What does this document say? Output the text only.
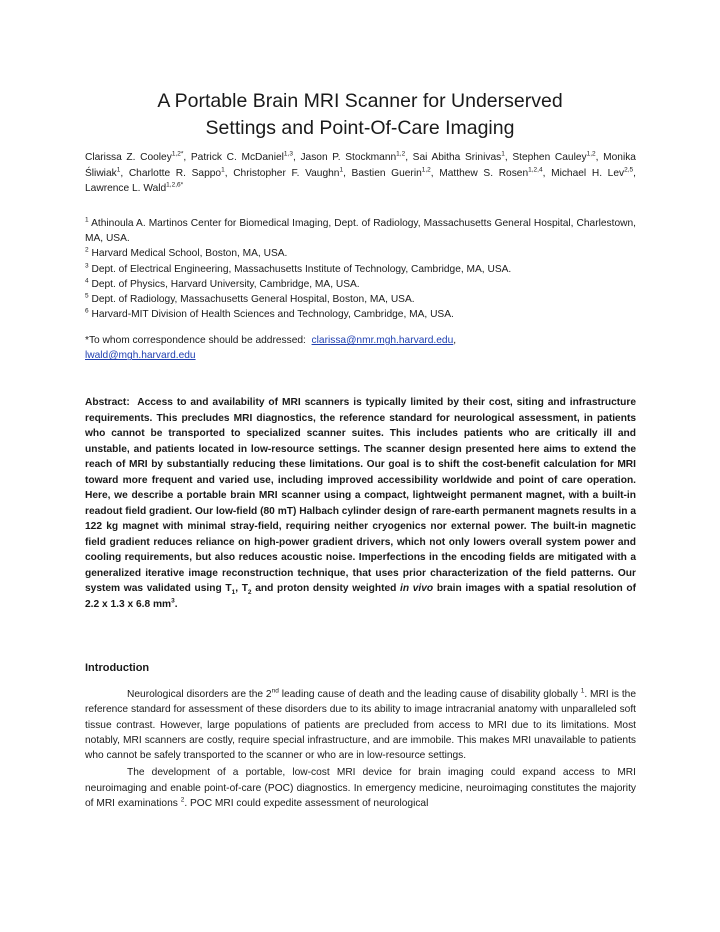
A Portable Brain MRI Scanner for Underserved
Settings and Point-Of-Care Imaging
Clarissa Z. Cooley$^{1,2*}$, Patrick C. McDaniel$^{1,3}$, Jason P. Stockmann$^{1,2}$, Sai Abitha Srinivas$^1$, Stephen Cauley$^{1,2}$, Monika Śliwiak$^1$, Charlotte R. Sappo$^1$, Christopher F. Vaughn$^1$, Bastien Guerin$^{1,2}$, Matthew S. Rosen$^{1,2,4}$, Michael H. Lev$^{2,5}$, Lawrence L. Wald$^{1,2,6*}$
$^1$ Athinoula A. Martinos Center for Biomedical Imaging, Dept. of Radiology, Massachusetts General Hospital, Charlestown, MA, USA.
$^2$ Harvard Medical School, Boston, MA, USA.
$^3$ Dept. of Electrical Engineering, Massachusetts Institute of Technology, Cambridge, MA, USA.
$^4$ Dept. of Physics, Harvard University, Cambridge, MA, USA.
$^5$ Dept. of Radiology, Massachusetts General Hospital, Boston, MA, USA.
$^6$ Harvard-MIT Division of Health Sciences and Technology, Cambridge, MA, USA.
*To whom correspondence should be addressed: clarissa@nmr.mgh.harvard.edu,
lwald@mgh.harvard.edu
Abstract: Access to and availability of MRI scanners is typically limited by their cost, siting and infrastructure requirements. This precludes MRI diagnostics, the reference standard for neurological assessment, in patients who cannot be transported to specialized scanner suites. This includes patients who are critically ill and unstable, and patients located in low-resource settings. The scanner design presented here aims to extend the reach of MRI by substantially reducing these limitations. Our goal is to shift the cost-benefit calculation for MRI toward more frequent and varied use, including improved accessibility worldwide and point of care operation. Here, we describe a portable brain MRI scanner using a compact, lightweight permanent magnet, with a built-in readout field gradient. Our low-field (80 mT) Halbach cylinder design of rare-earth permanent magnets results in a 122 kg magnet with minimal stray-field, requiring neither cryogenics nor external power. The built-in magnetic field gradient reduces reliance on high-power gradient drivers, which not only lowers overall system power and cooling requirements, but also reduces acoustic noise. Imperfections in the encoding fields are mitigated with a generalized iterative image reconstruction technique, that uses prior characterization of the field patterns. Our system was validated using $T_1$, $T_2$ and proton density weighted in vivo brain images with a spatial resolution of 2.2 x 1.3 x 6.8 $mm^3$.
Introduction

Neurological disorders are the 2nd leading cause of death and the leading cause of disability globally $^1$. MRI is the reference standard for assessment of these disorders due to its ability to image intracranial anatomy with unparalleled soft tissue contrast. However, large populations of patients are precluded from access to MRI due to its limitations. Most notably, MRI scanners are costly, require special infrastructure, and are immobile. This makes MRI unavailable to patients who cannot be safely transported to the scanner or who are in low-resource settings.

The development of a portable, low-cost MRI device for brain imaging could expand access to MRI neuroimaging and enable point-of-care (POC) diagnostics. In emergency medicine, neuroimaging constitutes the majority of MRI examinations $^2$. POC MRI could expedite assessment of neurological
